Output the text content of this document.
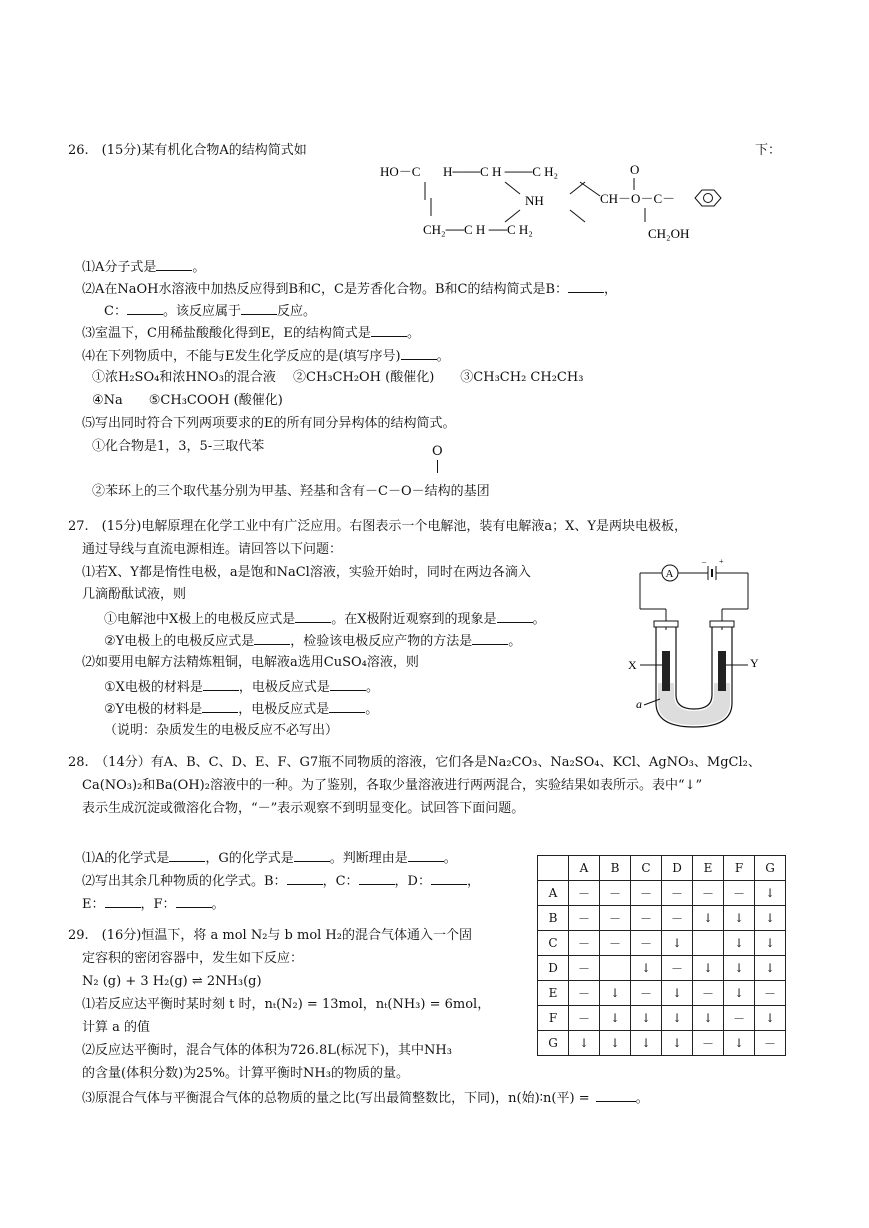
26.　(15分)某有机化合物A的结构简式如	下：
HO－C H───C H ───C H₂	O
NH	CH－O－C－
CH₂──C H ──C H₂	CH₂OH
⑴A分子式是	。
⑵A在NaOH水溶液中加热反应得到B和C，C是芳香化合物。B和C的结构简式是B：	，
C：	。该反应属于	反应。
⑶室温下，C用稀盐酸酸化得到E，E的结构简式是	。
⑷在下列物质中，不能与E发生化学反应的是(填写序号)	。
①浓H₂SO₄和浓HNO₃的混合液　 ②CH₃CH₂OH (酸催化)　　③CH₃CH₂ CH₂CH₃
④Na　　⑤CH₃COOH (酸催化)
⑸写出同时符合下列两项要求的E的所有同分异构体的结构简式。
①化合物是1，3，5-三取代苯	O
②苯环上的三个取代基分别为甲基、羟基和含有－C－O－结构的基团
27.　(15分)电解原理在化学工业中有广泛应用。右图表示一个电解池，装有电解液a；X、Y是两块电极板，
通过导线与直流电源相连。请回答以下问题：
⑴若X、Y都是惰性电极，a是饱和NaCl溶液，实验开始时，同时在两边各滴入
几滴酚酞试液，则
①电解池中X极上的电极反应式是	。在X极附近观察到的现象是	。
②Y电极上的电极反应式是	，检验该电极反应产物的方法是	。
⑵如要用电解方法精炼粗铜，电解液a选用CuSO₄溶液，则
①X电极的材料是	，电极反应式是	。
②Y电极的材料是	，电极反应式是	。
（说明：杂质发生的电极反应不必写出）
A
– +
X	Y
a
28.　（14分）有A、B、C、D、E、F、G7瓶不同物质的溶液，它们各是Na₂CO₃、Na₂SO₄、KCl、AgNO₃、MgCl₂、
Ca(NO₃)₂和Ba(OH)₂溶液中的一种。为了鉴别，各取少量溶液进行两两混合，实验结果如表所示。表中“↓”
表示生成沉淀或微溶化合物，“－”表示观察不到明显变化。试回答下面问题。
⑴A的化学式是	，G的化学式是	。判断理由是	。
⑵写出其余几种物质的化学式。B：	，C：	，D：	，
E：	，F：	。
	A	B	C	D	E	F	G
A	－	－	－	－	－	－	↓
B	－	－	－	－	↓	↓	↓
C	－	－	－	↓		↓	↓
D	－		↓	－	↓	↓	↓
E	－	↓	－	↓	－	↓	－
F	－	↓	↓	↓	↓	－	↓
G	↓	↓	↓	↓	－	↓	－
29.　(16分)恒温下，将 a mol N₂与 b mol H₂的混合气体通入一个固
定容积的密闭容器中，发生如下反应：
N₂ (g) + 3 H₂(g) ⇌ 2NH₃(g)
⑴若反应达平衡时某时刻 t 时，nₜ(N₂) = 13mol，nₜ(NH₃) = 6mol，
计算 a 的值
⑵反应达平衡时，混合气体的体积为726.8L(标况下)，其中NH₃
的含量(体积分数)为25%。计算平衡时NH₃的物质的量。
⑶原混合气体与平衡混合气体的总物质的量之比(写出最简整数比，下同)，n(始)∶n(平) =	。
